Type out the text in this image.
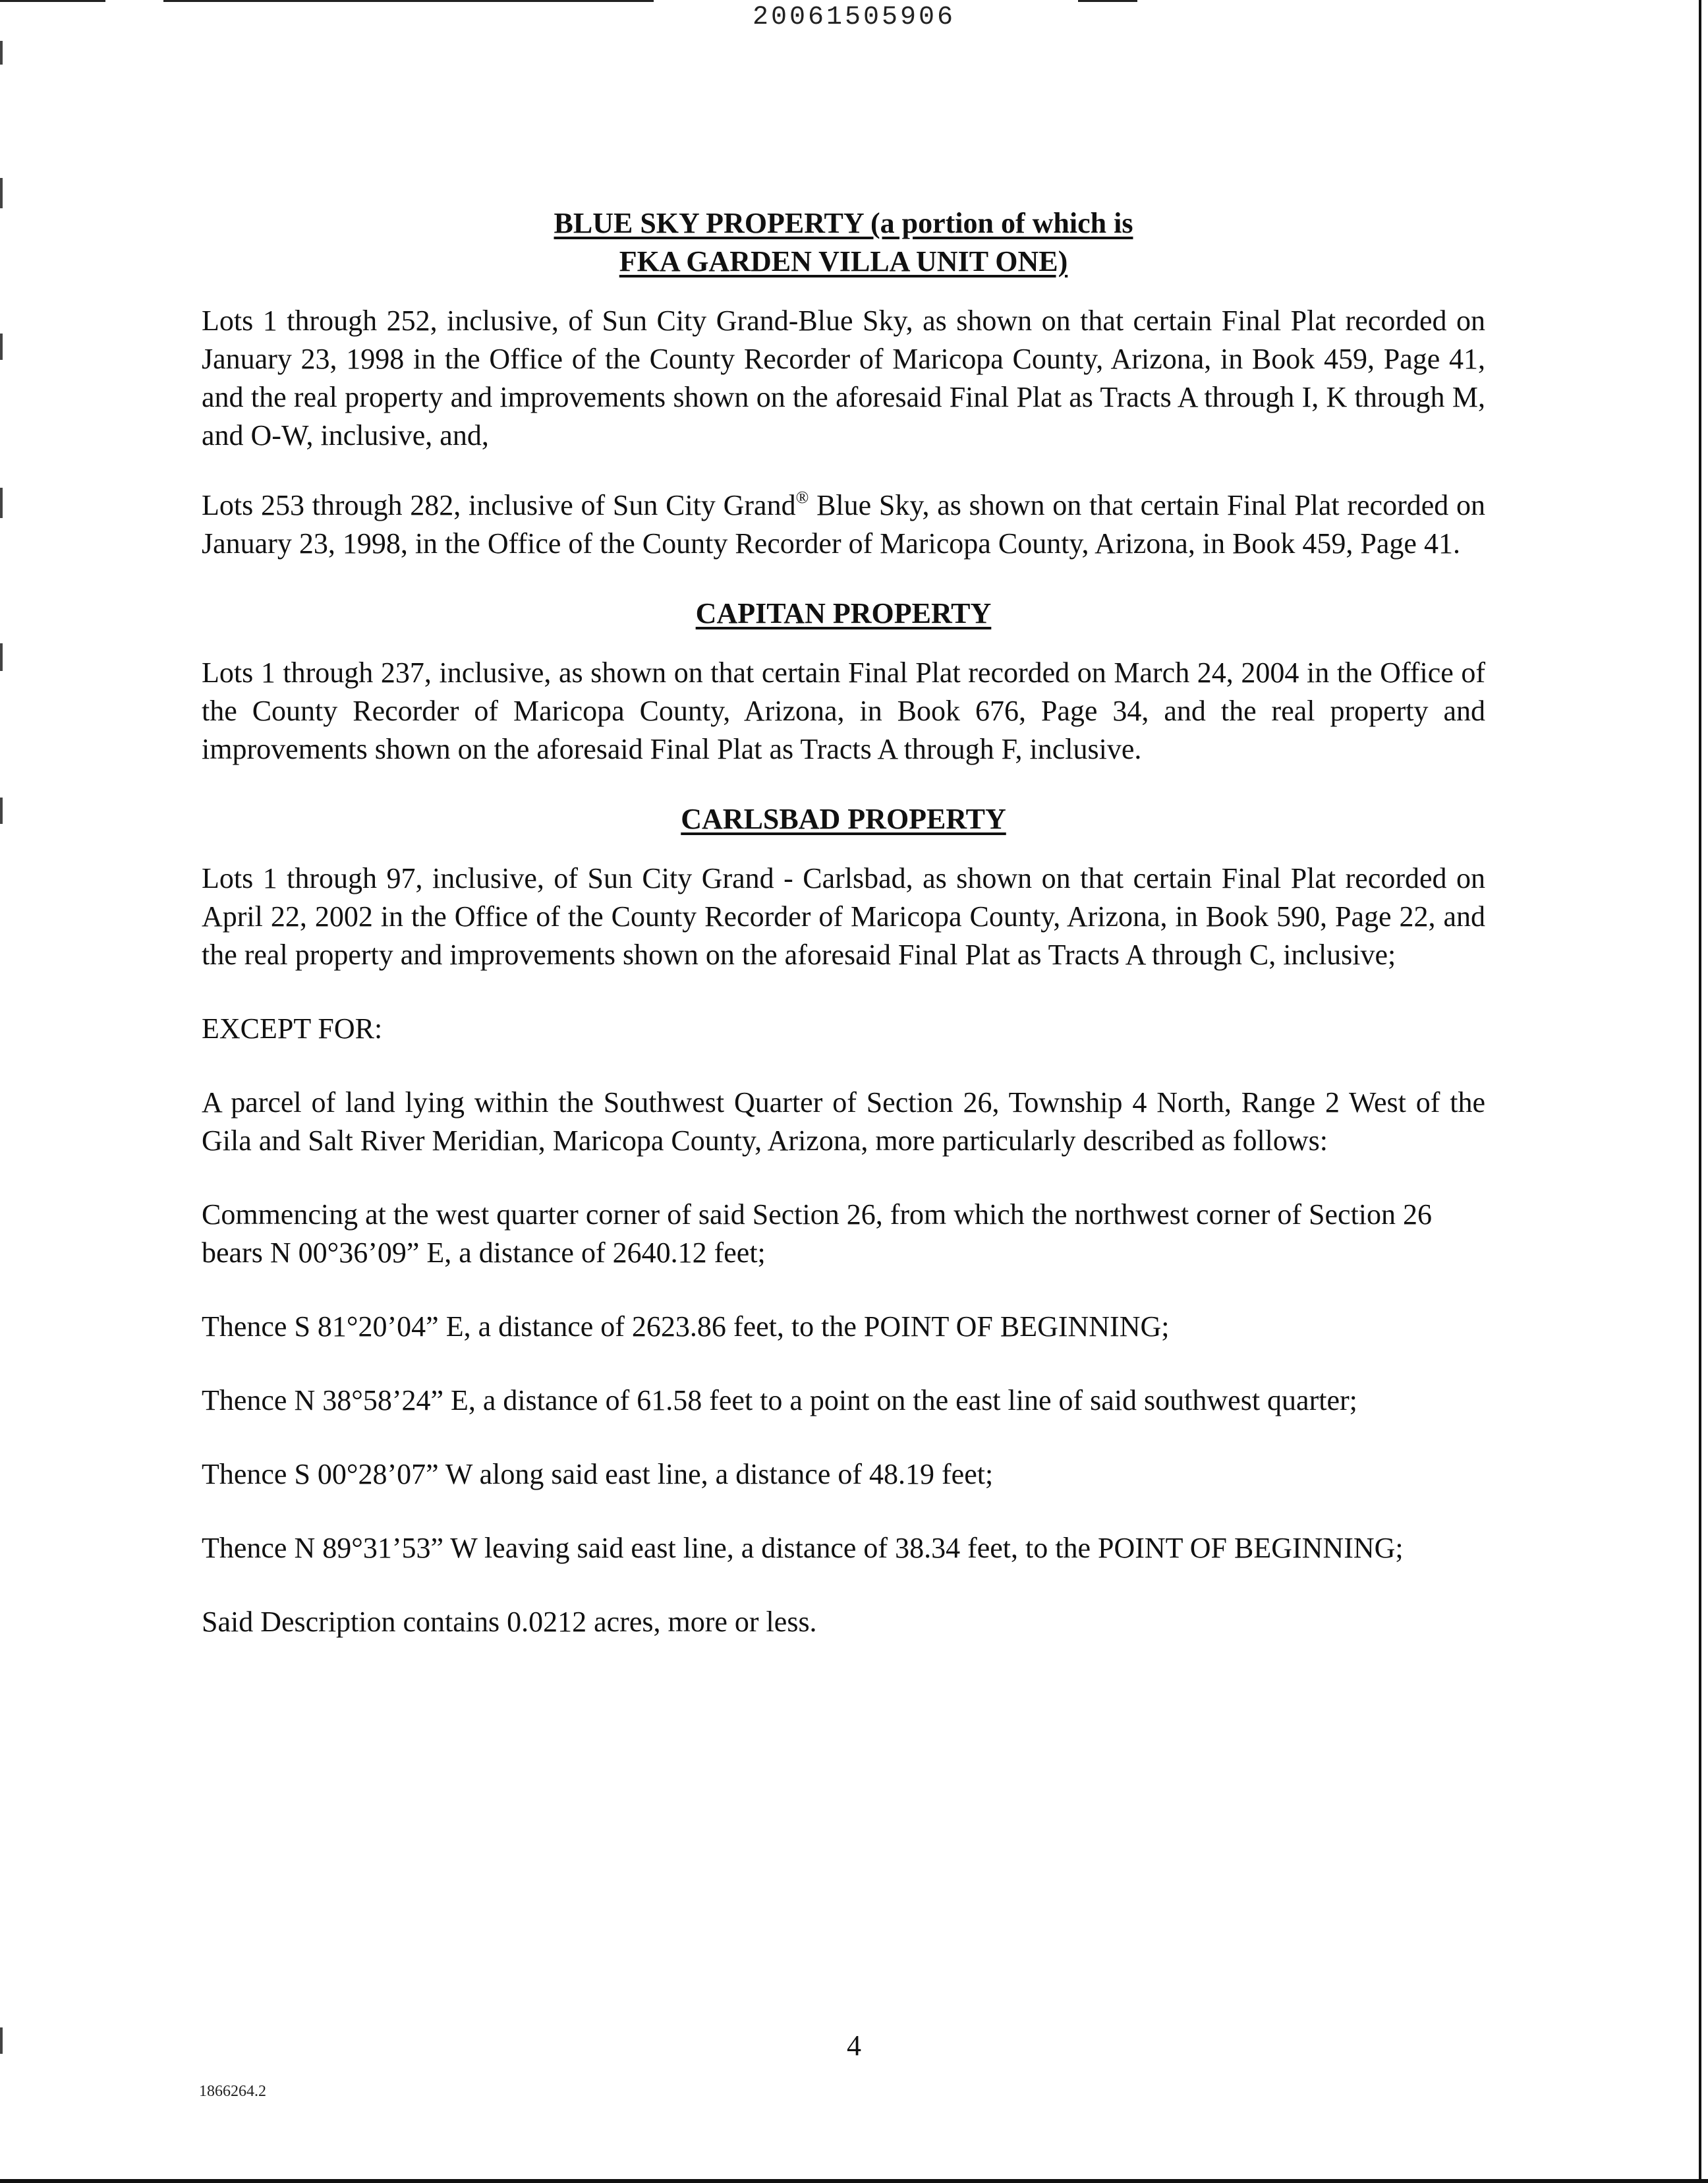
20061505906
BLUE SKY PROPERTY (a portion of which is
FKA GARDEN VILLA UNIT ONE)

Lots 1 through 252, inclusive, of Sun City Grand-Blue Sky, as shown on that certain Final Plat recorded on January 23, 1998 in the Office of the County Recorder of Maricopa County, Arizona, in Book 459, Page 41, and the real property and improvements shown on the aforesaid Final Plat as Tracts A through I, K through M, and O-W, inclusive, and,

Lots 253 through 282, inclusive of Sun City Grand® Blue Sky, as shown on that certain Final Plat recorded on January 23, 1998, in the Office of the County Recorder of Maricopa County, Arizona, in Book 459, Page 41.

CAPITAN PROPERTY

Lots 1 through 237, inclusive, as shown on that certain Final Plat recorded on March 24, 2004 in the Office of the County Recorder of Maricopa County, Arizona, in Book 676, Page 34, and the real property and improvements shown on the aforesaid Final Plat as Tracts A through F, inclusive.

CARLSBAD PROPERTY

Lots 1 through 97, inclusive, of Sun City Grand - Carlsbad, as shown on that certain Final Plat recorded on April 22, 2002 in the Office of the County Recorder of Maricopa County, Arizona, in Book 590, Page 22, and the real property and improvements shown on the aforesaid Final Plat as Tracts A through C, inclusive;

EXCEPT FOR:

A parcel of land lying within the Southwest Quarter of Section 26, Township 4 North, Range 2 West of the Gila and Salt River Meridian, Maricopa County, Arizona, more particularly described as follows:

Commencing at the west quarter corner of said Section 26, from which the northwest corner of Section 26 bears N 00°36’09” E, a distance of 2640.12 feet;

Thence S 81°20’04” E, a distance of 2623.86 feet, to the POINT OF BEGINNING;

Thence N 38°58’24” E, a distance of 61.58 feet to a point on the east line of said southwest quarter;

Thence S 00°28’07” W along said east line, a distance of 48.19 feet;

Thence N 89°31’53” W leaving said east line, a distance of 38.34 feet, to the POINT OF BEGINNING;

Said Description contains 0.0212 acres, more or less.

4
1866264.2
